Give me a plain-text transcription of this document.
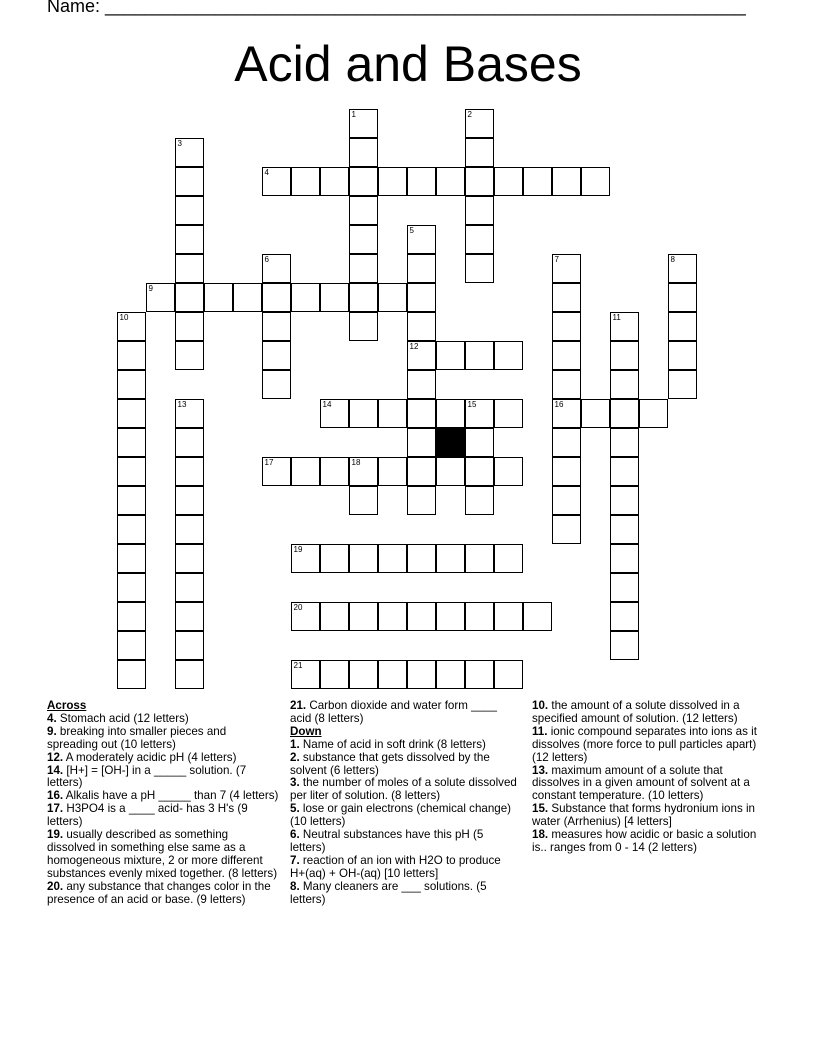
Name: ________________________________________________________________
Acid and Bases
1	2
3
4
5
6	7	8
9
10	11
12
13	14	15	16
17	18
19
20
21
Across

4. Stomach acid (12 letters)

9. breaking into smaller pieces and spreading out (10 letters)

12. A moderately acidic pH (4 letters)

14. [H+] = [OH-] in a _____ solution. (7 letters)

16. Alkalis have a pH _____ than 7 (4 letters)

17. H3PO4 is a ____ acid- has 3 H's (9 letters)

19. usually described as something dissolved in something else same as a homogeneous mixture, 2 or more different substances evenly mixed together. (8 letters)

20. any substance that changes color in the presence of an acid or base. (9 letters)

21. Carbon dioxide and water form ____ acid (8 letters)

Down

1. Name of acid in soft drink (8 letters)

2. substance that gets dissolved by the solvent (6 letters)

3. the number of moles of a solute dissolved per liter of solution. (8 letters)

5. lose or gain electrons (chemical change) (10 letters)

6. Neutral substances have this pH (5 letters)

7. reaction of an ion with H2O to produce H+(aq) + OH-(aq) [10 letters]

8. Many cleaners are ___ solutions. (5 letters)

10. the amount of a solute dissolved in a specified amount of solution. (12 letters)

11. ionic compound separates into ions as it dissolves (more force to pull particles apart) (12 letters)

13. maximum amount of a solute that dissolves in a given amount of solvent at a constant temperature. (10 letters)

15. Substance that forms hydronium ions in water (Arrhenius) [4 letters]

18. measures how acidic or basic a solution is.. ranges from 0 - 14 (2 letters)
